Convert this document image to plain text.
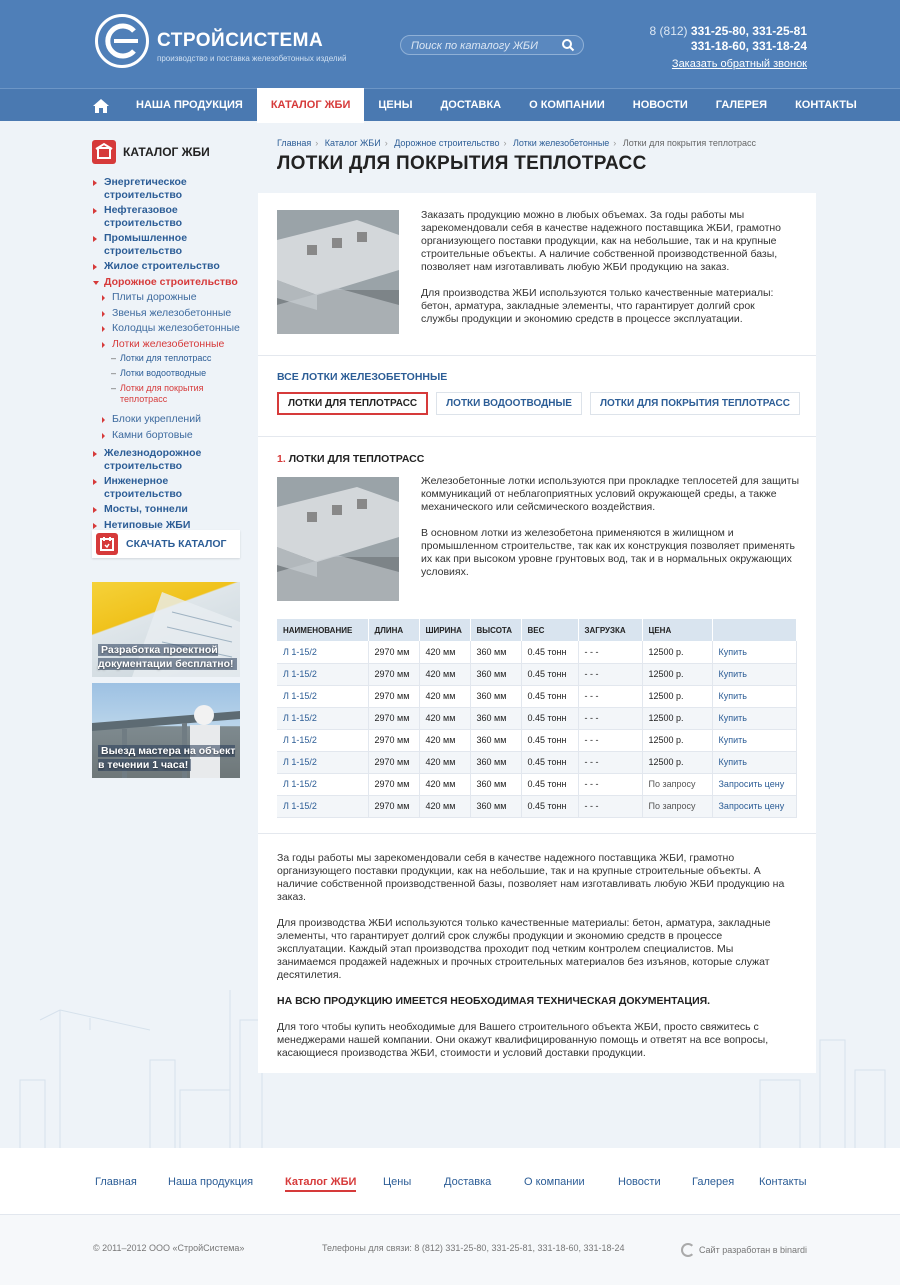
СТРОЙСИСТЕМА
производство и поставка железобетонных изделий
Поиск по каталогу ЖБИ
8 (812) 331-25-80, 331-25-81
331-18-60, 331-18-24
Заказать обратный звонок
НАША ПРОДУКЦИЯ	КАТАЛОГ ЖБИ	ЦЕНЫ	ДОСТАВКА	О КОМПАНИИ	НОВОСТИ	ГАЛЕРЕЯ	КОНТАКТЫ
КАТАЛОГ ЖБИ
Энергетическое строительство
Нефтегазовое строительство
Промышленное строительство
Жилое строительство
Дорожное строительство
Плиты дорожные
Звенья железобетонные
Колодцы железобетонные
Лотки железобетонные
– Лотки для теплотрасс
– Лотки водоотводные
– Лотки для покрытия теплотрасс
Блоки укреплений
Камни бортовые
Железнодорожное строительство
Инженерное строительство
Мосты, тоннели
Нетиповые ЖБИ
СКАЧАТЬ КАТАЛОГ
Разработка проектной документации бесплатно!
Выезд мастера на объект в течении 1 часа!
Главная › Каталог ЖБИ › Дорожное строительство › Лотки железобетонные › Лотки для покрытия теплотрасс
ЛОТКИ ДЛЯ ПОКРЫТИЯ ТЕПЛОТРАСС

Заказать продукцию можно в любых объемах. За годы работы мы зарекомендовали себя в качестве надежного поставщика ЖБИ, грамотно организующего поставки продукции, как на небольшие, так и на крупные строительные объекты. А наличие собственной производственной базы, позволяет нам изготавливать любую ЖБИ продукцию на заказ.

Для производства ЖБИ используются только качественные материалы: бетон, арматура, закладные элементы, что гарантирует долгий срок службы продукции и экономию средств в процессе эксплуатации.

ВСЕ ЛОТКИ ЖЕЛЕЗОБЕТОННЫЕ
ЛОТКИ ДЛЯ ТЕПЛОТРАСС	ЛОТКИ ВОДООТВОДНЫЕ	ЛОТКИ ДЛЯ ПОКРЫТИЯ ТЕПЛОТРАСС
1. ЛОТКИ ДЛЯ ТЕПЛОТРАСС

Железобетонные лотки используются при прокладке теплосетей для защиты коммуникаций от неблагоприятных условий окружающей среды, а также механического или сейсмического воздействия.

В основном лотки из железобетона применяются в жилищном и промышленном строительстве, так как их конструкция позволяет применять их как при высоком уровне грунтовых вод, так и в нормальных окружающих условиях.

НАИМЕНОВАНИЕ	ДЛИНА	ШИРИНА	ВЫСОТА	ВЕС	ЗАГРУЗКА	ЦЕНА	
Л 1-15/2	2970 мм	420 мм	360 мм	0.45 тонн	- - -	12500 р.	Купить
Л 1-15/2	2970 мм	420 мм	360 мм	0.45 тонн	- - -	12500 р.	Купить
Л 1-15/2	2970 мм	420 мм	360 мм	0.45 тонн	- - -	12500 р.	Купить
Л 1-15/2	2970 мм	420 мм	360 мм	0.45 тонн	- - -	12500 р.	Купить
Л 1-15/2	2970 мм	420 мм	360 мм	0.45 тонн	- - -	12500 р.	Купить
Л 1-15/2	2970 мм	420 мм	360 мм	0.45 тонн	- - -	12500 р.	Купить
Л 1-15/2	2970 мм	420 мм	360 мм	0.45 тонн	- - -	По запросу	Запросить цену
Л 1-15/2	2970 мм	420 мм	360 мм	0.45 тонн	- - -	По запросу	Запросить цену

За годы работы мы зарекомендовали себя в качестве надежного поставщика ЖБИ, грамотно организующего поставки продукции, как на небольшие, так и на крупные строительные объекты. А наличие собственной производственной базы, позволяет нам изготавливать любую ЖБИ продукцию на заказ.

Для производства ЖБИ используются только качественные материалы: бетон, арматура, закладные элементы, что гарантирует долгий срок службы продукции и экономию средств в процессе эксплуатации. Каждый этап производства проходит под четким контролем специалистов. Мы занимаемся продажей надежных и прочных строительных материалов без изъянов, которые служат десятилетия.

НА ВСЮ ПРОДУКЦИЮ ИМЕЕТСЯ НЕОБХОДИМАЯ ТЕХНИЧЕСКАЯ ДОКУМЕНТАЦИЯ.

Для того чтобы купить необходимые для Вашего строительного объекта ЖБИ, просто свяжитесь с менеджерами нашей компании. Они окажут квалифицированную помощь и ответят на все вопросы, касающиеся производства ЖБИ, стоимости и условий доставки продукции.

Главная	Наша продукция	Каталог ЖБИ Цены	Доставка	О компании	Новости	Галерея Контакты
© 2011–2012 ООО «СтройСистема»	Телефоны для связи: 8 (812) 331-25-80, 331-25-81, 331-18-60, 331-18-24	Сайт разработан в binardi
